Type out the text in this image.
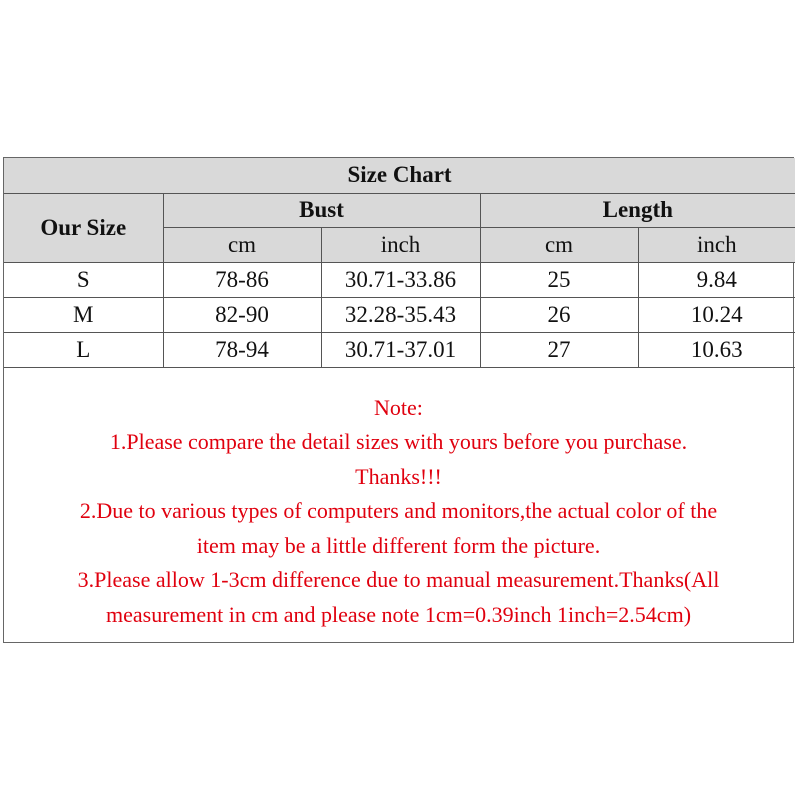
Size Chart				
Our Size	Bust		Length	
	cm	inch	cm	inch
S	78-86	30.71-33.86	25	9.84
M	82-90	32.28-35.43	26	10.24
L	78-94	30.71-37.01	27	10.63
Note:
1.Please compare the detail sizes with yours before you purchase.
Thanks!!!
2.Due to various types of computers and monitors,the actual color of the
item may be a little different form the picture.
3.Please allow 1-3cm difference due to manual measurement.Thanks(All
measurement in cm and please note 1cm=0.39inch 1inch=2.54cm)
